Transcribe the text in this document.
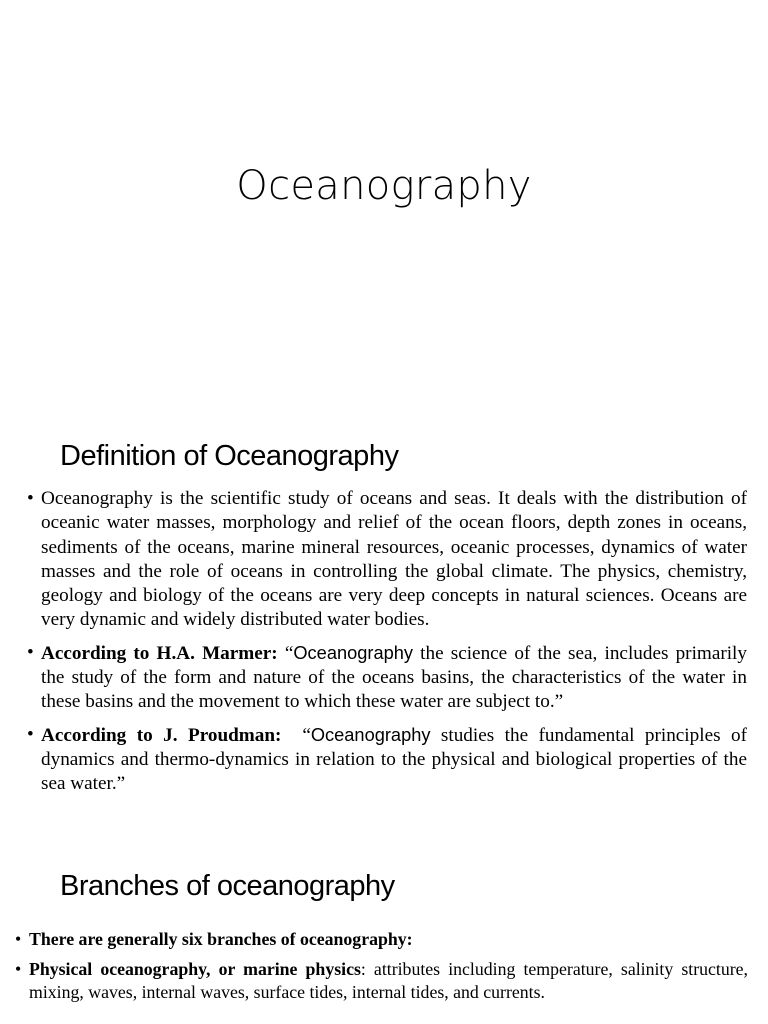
Oceanography
Definition of Oceanography
• Oceanography is the scientific study of oceans and seas. It deals with the distribution of oceanic water masses, morphology and relief of the ocean floors, depth zones in oceans, sediments of the oceans, marine mineral resources, oceanic processes, dynamics of water masses and the role of oceans in controlling the global climate. The physics, chemistry, geology and biology of the oceans are very deep concepts in natural sciences. Oceans are very dynamic and widely distributed water bodies.
• According to H.A. Marmer: “Oceanography the science of the sea, includes primarily the study of the form and nature of the oceans basins, the characteristics of the water in these basins and the movement to which these water are subject to.”
• According to J. Proudman:  “Oceanography studies the fundamental principles of dynamics and thermo-dynamics in relation to the physical and biological properties of the sea water.”
Branches of oceanography
• There are generally six branches of oceanography:
• Physical oceanography, or marine physics: attributes including temperature, salinity structure, mixing, waves, internal waves, surface tides, internal tides, and currents.
